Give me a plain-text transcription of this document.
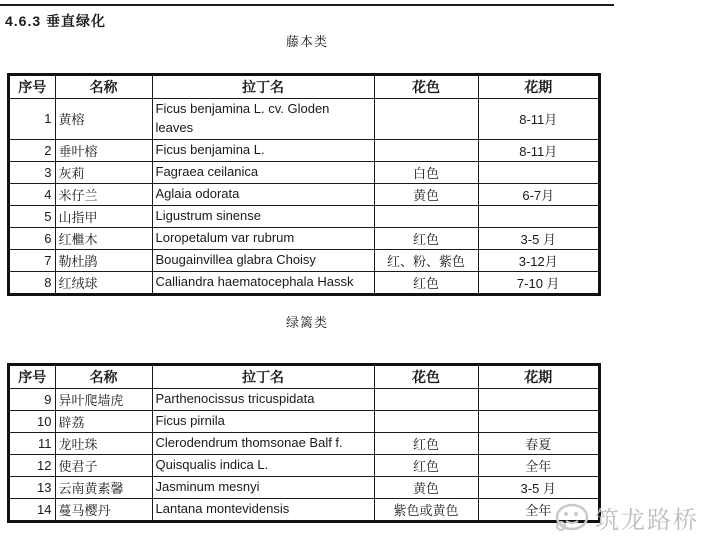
4.6.3 垂直绿化
藤本类
序号	名称	拉丁名	花色	花期
1	黄榕	Ficus benjamina L. cv. Gloden leaves		8-11月
2	垂叶榕	Ficus benjamina L.		8-11月
3	灰莉	Fagraea ceilanica	白色	
4	米仔兰	Aglaia odorata	黄色	6-7月
5	山指甲	Ligustrum sinense		
6	红檵木	Loropetalum var rubrum	红色	3-5 月
7	勒杜鹃	Bougainvillea glabra Choisy	红、粉、紫色	3-12月
8	红绒球	Calliandra haematocephala Hassk	红色	7-10 月
绿篱类
序号	名称	拉丁名	花色	花期
9	异叶爬墙虎	Parthenocissus tricuspidata		
10	辟荔	Ficus pirnila		
11	龙吐珠	Clerodendrum thomsonae Balf f.	红色	春夏
12	使君子	Quisqualis indica L.	红色	全年
13	云南黄素馨	Jasminum mesnyi	黄色	3-5 月
14	蔓马樱丹	Lantana montevidensis	紫色或黄色	全年 筑龙路桥
